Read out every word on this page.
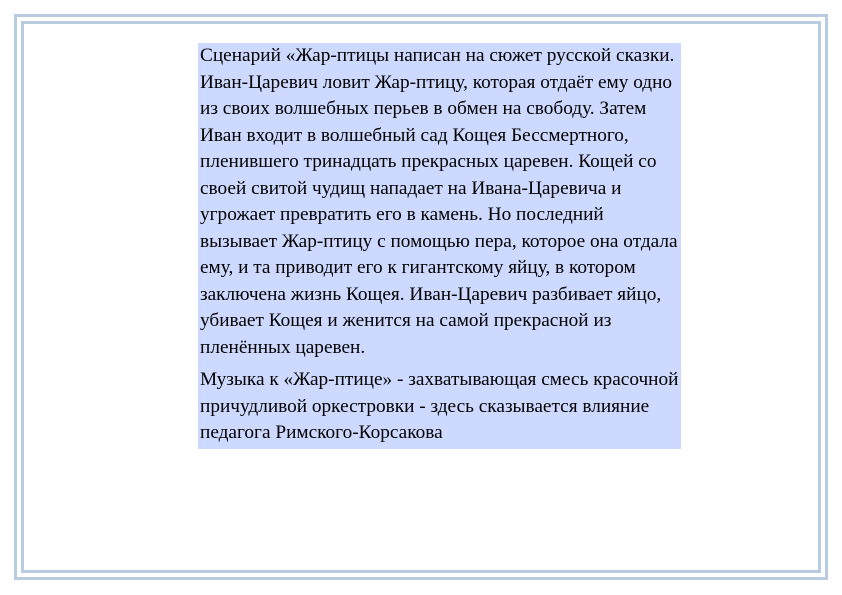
Сценарий «Жар-птицы написан на сюжет русской сказки. Иван-Царевич ловит Жар-птицу, которая отдаёт ему одно из своих волшебных перьев в обмен на свободу. Затем Иван входит в волшебный сад Кощея Бессмертного, пленившего тринадцать прекрасных царевен. Кощей со своей свитой чудищ нападает на Ивана-Царевича и угрожает превратить его в камень. Но последний вызывает Жар-птицу с помощью пера, которое она отдала ему, и та приводит его к гигантскому яйцу, в котором заключена жизнь Кощея. Иван-Царевич разбивает яйцо, убивает Кощея и женится на самой прекрасной из пленённых царевен.

Музыка к «Жар-птице» - захватывающая смесь красочной причудливой оркестровки - здесь сказывается влияние педагога Римского-Корсакова
